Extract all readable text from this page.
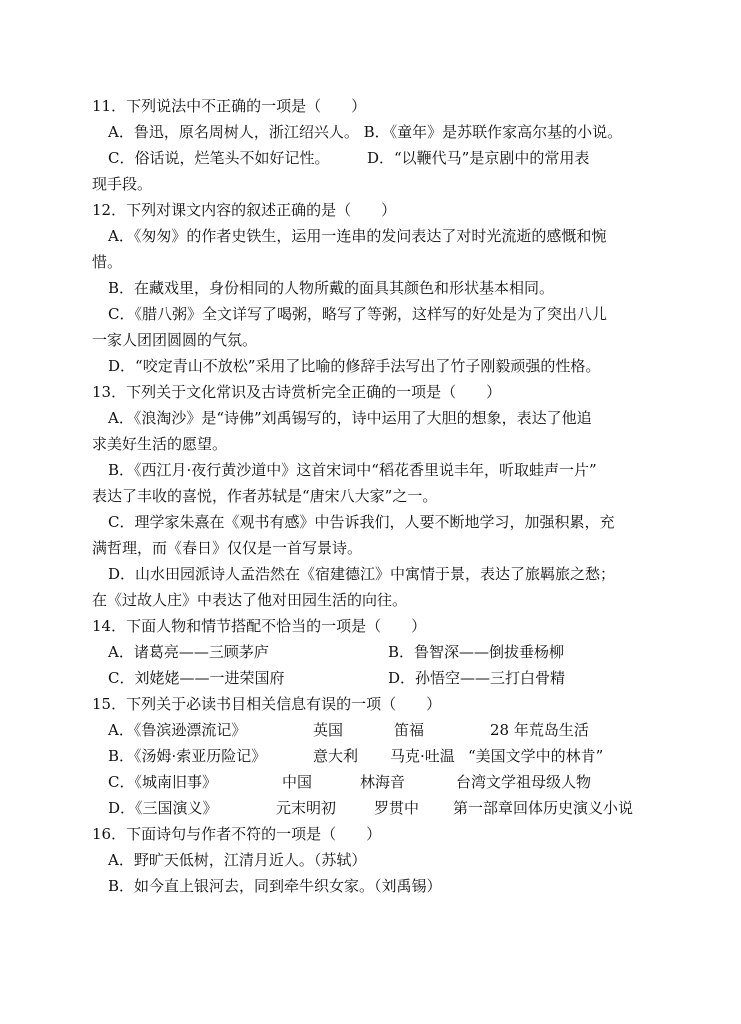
11．下列说法中不正确的一项是（　　）
A．鲁迅，原名周树人，浙江绍兴人。 B．《童年》是苏联作家高尔基的小说。
C．俗话说，烂笔头不如好记性。　　　D．“以鞭代马”是京剧中的常用表
现手段。
12．下列对课文内容的叙述正确的是（　　）
A．《匆匆》的作者史铁生，运用一连串的发问表达了对时光流逝的感慨和惋
惜。
B．在藏戏里，身份相同的人物所戴的面具其颜色和形状基本相同。
C．《腊八粥》全文详写了喝粥，略写了等粥，这样写的好处是为了突出八儿
一家人团团圆圆的气氛。
D．“咬定青山不放松”采用了比喻的修辞手法写出了竹子刚毅顽强的性格。
13．下列关于文化常识及古诗赏析完全正确的一项是（　　）
A．《浪淘沙》是“诗佛”刘禹锡写的，诗中运用了大胆的想象，表达了他追
求美好生活的愿望。
B．《西江月·夜行黄沙道中》这首宋词中“稻花香里说丰年，听取蛙声一片”
表达了丰收的喜悦，作者苏轼是“唐宋八大家”之一。
C．理学家朱熹在《观书有感》中告诉我们，人要不断地学习，加强积累，充
满哲理，而《春日》仅仅是一首写景诗。
D．山水田园派诗人孟浩然在《宿建德江》中寓情于景，表达了旅羁旅之愁；
在《过故人庄》中表达了他对田园生活的向往。
14．下面人物和情节搭配不恰当的一项是（　　）
A．诸葛亮——三顾茅庐	B．鲁智深——倒拔垂杨柳
C．刘姥姥——一进荣国府	D．孙悟空——三打白骨精
15．下列关于必读书目相关信息有误的一项（　　）
A．《鲁滨逊漂流记》	英国	笛福	28 年荒岛生活
B．《汤姆·索亚历险记》	意大利 马克·吐温 “美国文学中的林肯”
C．《城南旧事》	中国	林海音	台湾文学祖母级人物
D．《三国演义》	元末明初	罗贯中 第一部章回体历史演义小说
16．下面诗句与作者不符的一项是（　　）
A．野旷天低树，江清月近人。（苏轼）
B．如今直上银河去，同到牵牛织女家。（刘禹锡）
